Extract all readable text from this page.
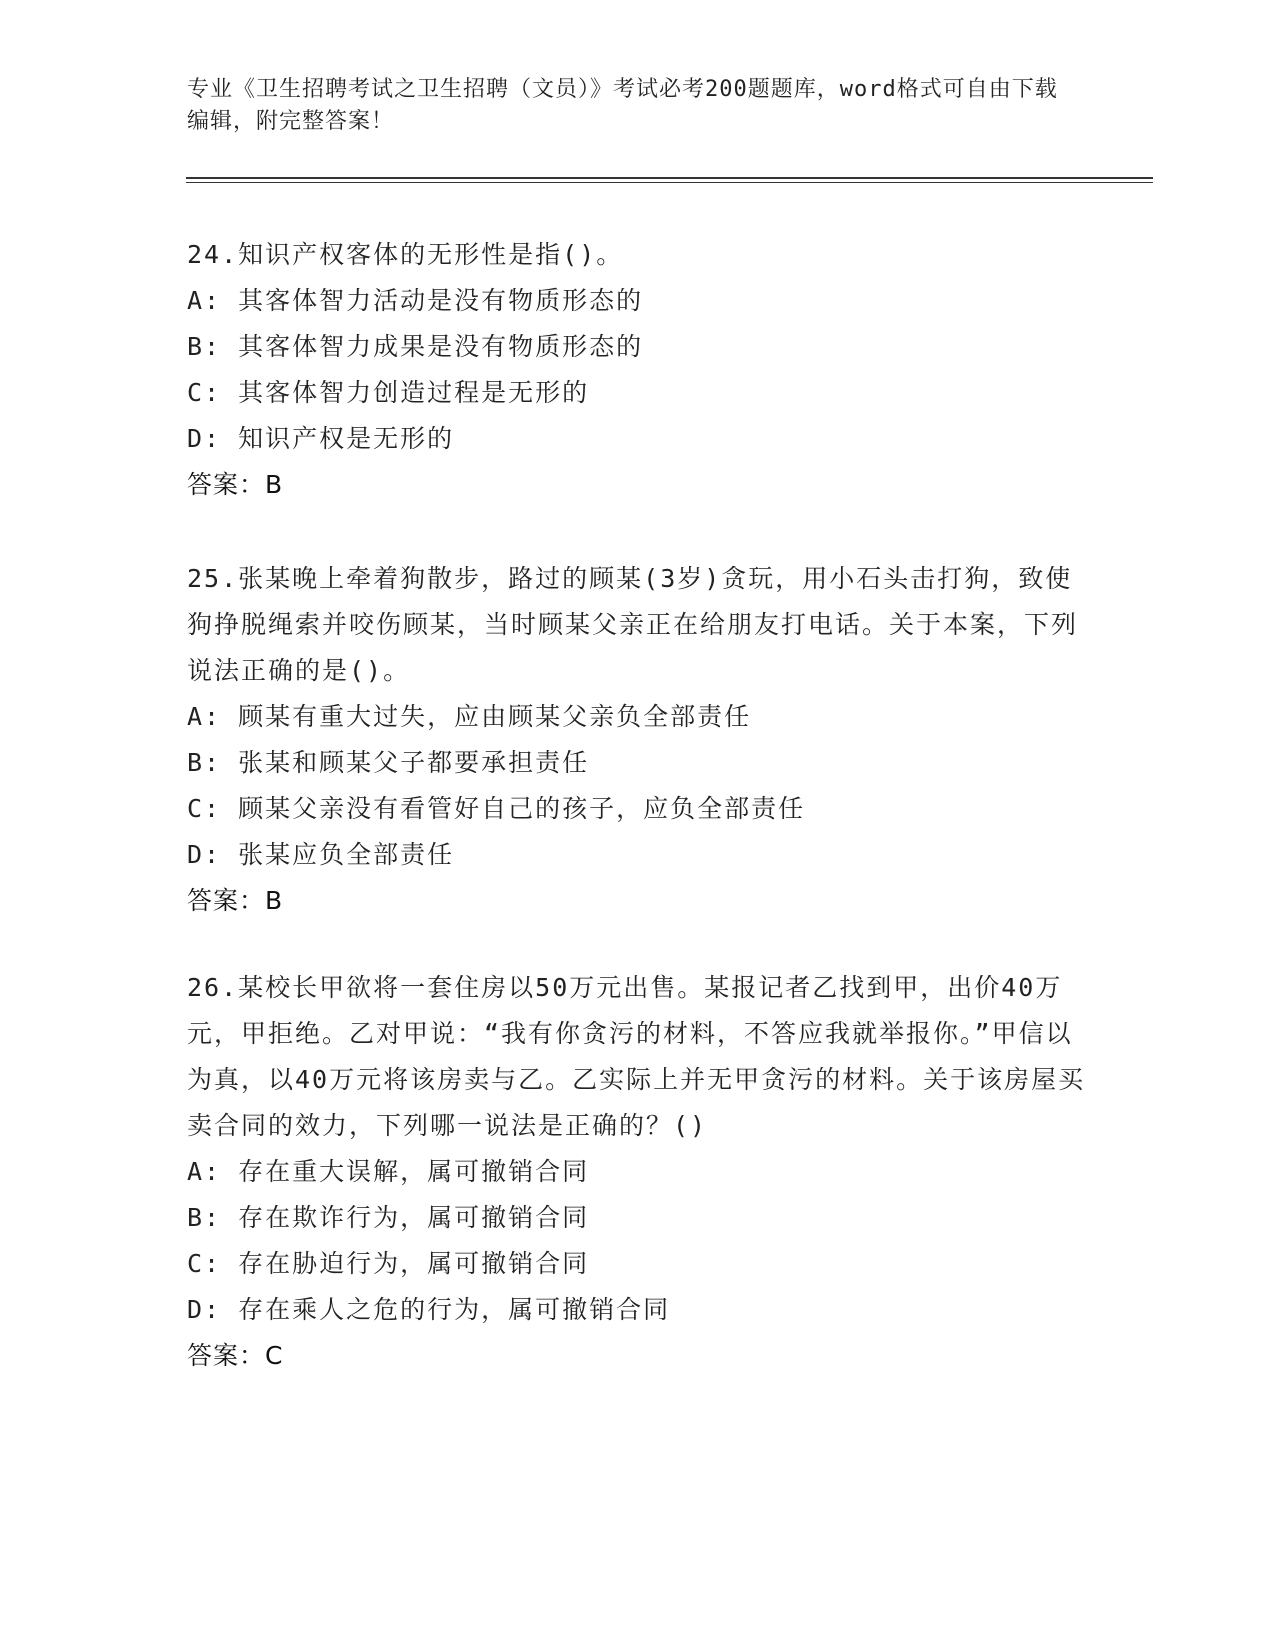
专业《卫生招聘考试之卫生招聘（文员）》考试必考200题题库，word格式可自由下载编辑，附完整答案！
24.知识产权客体的无形性是指()。
A: 其客体智力活动是没有物质形态的
B: 其客体智力成果是没有物质形态的
C: 其客体智力创造过程是无形的
D: 知识产权是无形的
答案：B
25.张某晚上牵着狗散步，路过的顾某(3岁)贪玩，用小石头击打狗，致使狗挣脱绳索并咬伤顾某，当时顾某父亲正在给朋友打电话。关于本案，下列说法正确的是()。
A: 顾某有重大过失，应由顾某父亲负全部责任
B: 张某和顾某父子都要承担责任
C: 顾某父亲没有看管好自己的孩子，应负全部责任
D: 张某应负全部责任
答案：B
26.某校长甲欲将一套住房以50万元出售。某报记者乙找到甲，出价40万元，甲拒绝。乙对甲说：“我有你贪污的材料，不答应我就举报你。”甲信以为真，以40万元将该房卖与乙。乙实际上并无甲贪污的材料。关于该房屋买卖合同的效力，下列哪一说法是正确的？()
A: 存在重大误解，属可撤销合同
B: 存在欺诈行为，属可撤销合同
C: 存在胁迫行为，属可撤销合同
D: 存在乘人之危的行为，属可撤销合同
答案：C
